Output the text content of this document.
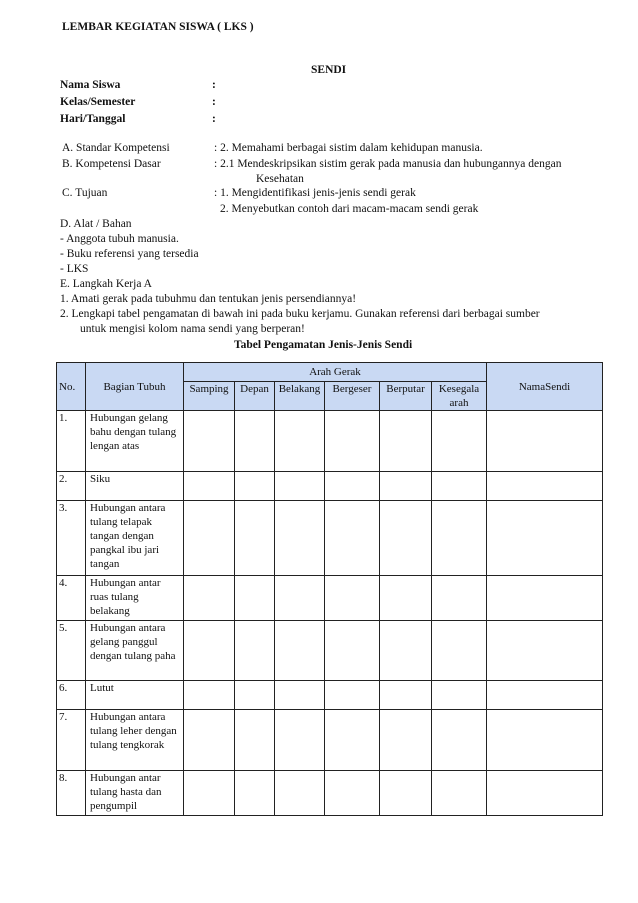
LEMBAR KEGIATAN SISWA ( LKS )
SENDI
Nama Siswa	:
Kelas/Semester	:
Hari/Tanggal	:
A. Standar Kompetensi	: 2. Memahami berbagai sistim dalam kehidupan manusia.
B. Kompetensi Dasar	: 2.1 Mendeskripsikan sistim gerak pada manusia dan hubungannya dengan
Kesehatan
C. Tujuan	: 1. Mengidentifikasi jenis-jenis sendi gerak
2. Menyebutkan contoh dari macam-macam sendi gerak
D. Alat / Bahan
- Anggota tubuh manusia.
- Buku referensi yang tersedia
- LKS
E. Langkah Kerja A
1. Amati gerak pada tubuhmu dan tentukan jenis persendiannya!
2. Lengkapi tabel pengamatan di bawah ini pada buku kerjamu. Gunakan referensi dari berbagai sumber
untuk mengisi kolom nama sendi yang berperan!
Tabel Pengamatan Jenis-Jenis Sendi
No.	Bagian Tubuh	Arah Gerak						NamaSendi
		Samping	Depan	Belakang	Bergeser	Berputar	Kesegala arah	
1.	Hubungan gelang bahu dengan tulang lengan atas							
2.	Siku							
3.	Hubungan antara tulang telapak tangan dengan pangkal ibu jari tangan							
4.	Hubungan antar ruas tulang belakang							
5.	Hubungan antara gelang panggul dengan tulang paha							
6.	Lutut							
7.	Hubungan antara tulang leher dengan tulang tengkorak							
8.	Hubungan antar tulang hasta dan pengumpil							
